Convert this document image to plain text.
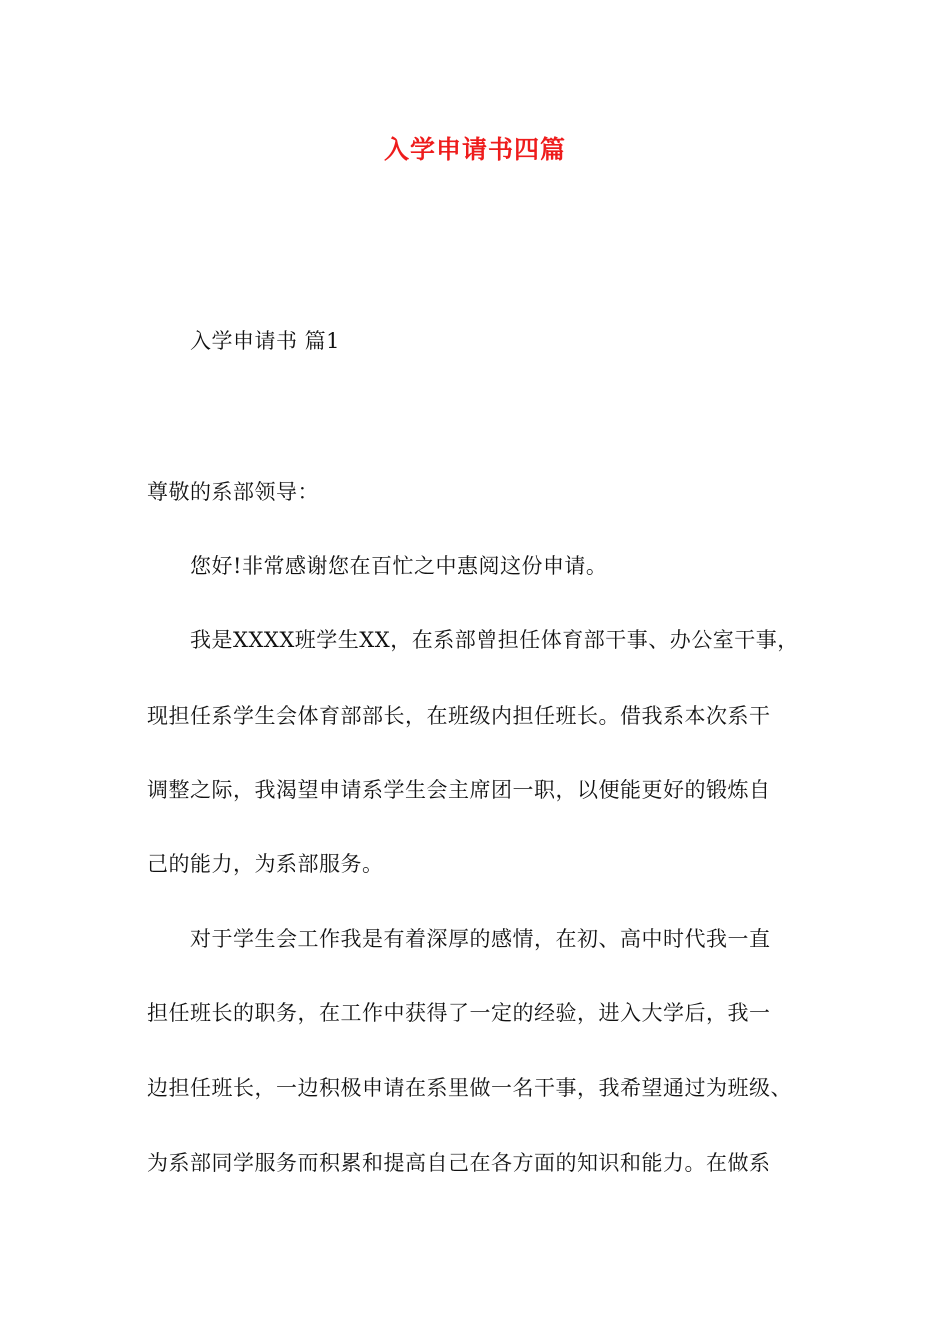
入学申请书四篇
入学申请书 篇1
尊敬的系部领导：
您好!非常感谢您在百忙之中惠阅这份申请。
我是XXXX班学生XX，在系部曾担任体育部干事、办公室干事，
现担任系学生会体育部部长，在班级内担任班长。借我系本次系干
调整之际，我渴望申请系学生会主席团一职，以便能更好的锻炼自
己的能力，为系部服务。
对于学生会工作我是有着深厚的感情，在初、高中时代我一直
担任班长的职务，在工作中获得了一定的经验，进入大学后，我一
边担任班长，一边积极申请在系里做一名干事，我希望通过为班级、
为系部同学服务而积累和提高自己在各方面的知识和能力。在做系
